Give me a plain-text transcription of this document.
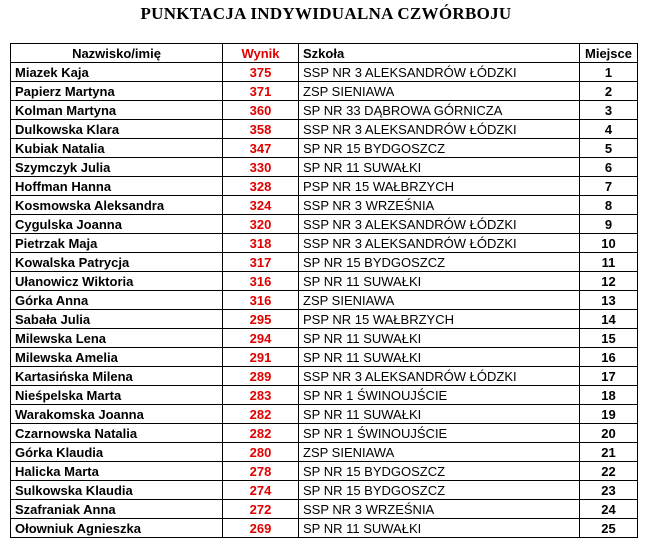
PUNKTACJA INDYWIDUALNA CZWÓRBOJU
Nazwisko/imię	Wynik	Szkoła	Miejsce
Miazek Kaja	375	SSP NR 3 ALEKSANDRÓW ŁÓDZKI	1
Papierz Martyna	371	ZSP SIENIAWA	2
Kolman Martyna	360	SP NR 33 DĄBROWA GÓRNICZA	3
Dulkowska Klara	358	SSP NR 3 ALEKSANDRÓW ŁÓDZKI	4
Kubiak Natalia	347	SP NR 15 BYDGOSZCZ	5
Szymczyk Julia	330	SP NR 11 SUWAŁKI	6
Hoffman Hanna	328	PSP NR 15 WAŁBRZYCH	7
Kosmowska Aleksandra	324	SSP NR 3 WRZEŚNIA	8
Cygulska Joanna	320	SSP NR 3 ALEKSANDRÓW ŁÓDZKI	9
Pietrzak Maja	318	SSP NR 3 ALEKSANDRÓW ŁÓDZKI	10
Kowalska Patrycja	317	SP NR 15 BYDGOSZCZ	11
Ułanowicz Wiktoria	316	SP NR 11 SUWAŁKI	12
Górka Anna	316	ZSP SIENIAWA	13
Sabała Julia	295	PSP NR 15 WAŁBRZYCH	14
Milewska Lena	294	SP NR 11 SUWAŁKI	15
Milewska Amelia	291	SP NR 11 SUWAŁKI	16
Kartasińska Milena	289	SSP NR 3 ALEKSANDRÓW ŁÓDZKI	17
Nieśpelska Marta	283	SP NR 1 ŚWINOUJŚCIE	18
Warakomska Joanna	282	SP NR 11 SUWAŁKI	19
Czarnowska Natalia	282	SP NR 1 ŚWINOUJŚCIE	20
Górka Klaudia	280	ZSP SIENIAWA	21
Halicka Marta	278	SP NR 15 BYDGOSZCZ	22
Sulkowska Klaudia	274	SP NR 15 BYDGOSZCZ	23
Szafraniak Anna	272	SSP NR 3 WRZEŚNIA	24
Ołowniuk Agnieszka	269	SP NR 11 SUWAŁKI	25
